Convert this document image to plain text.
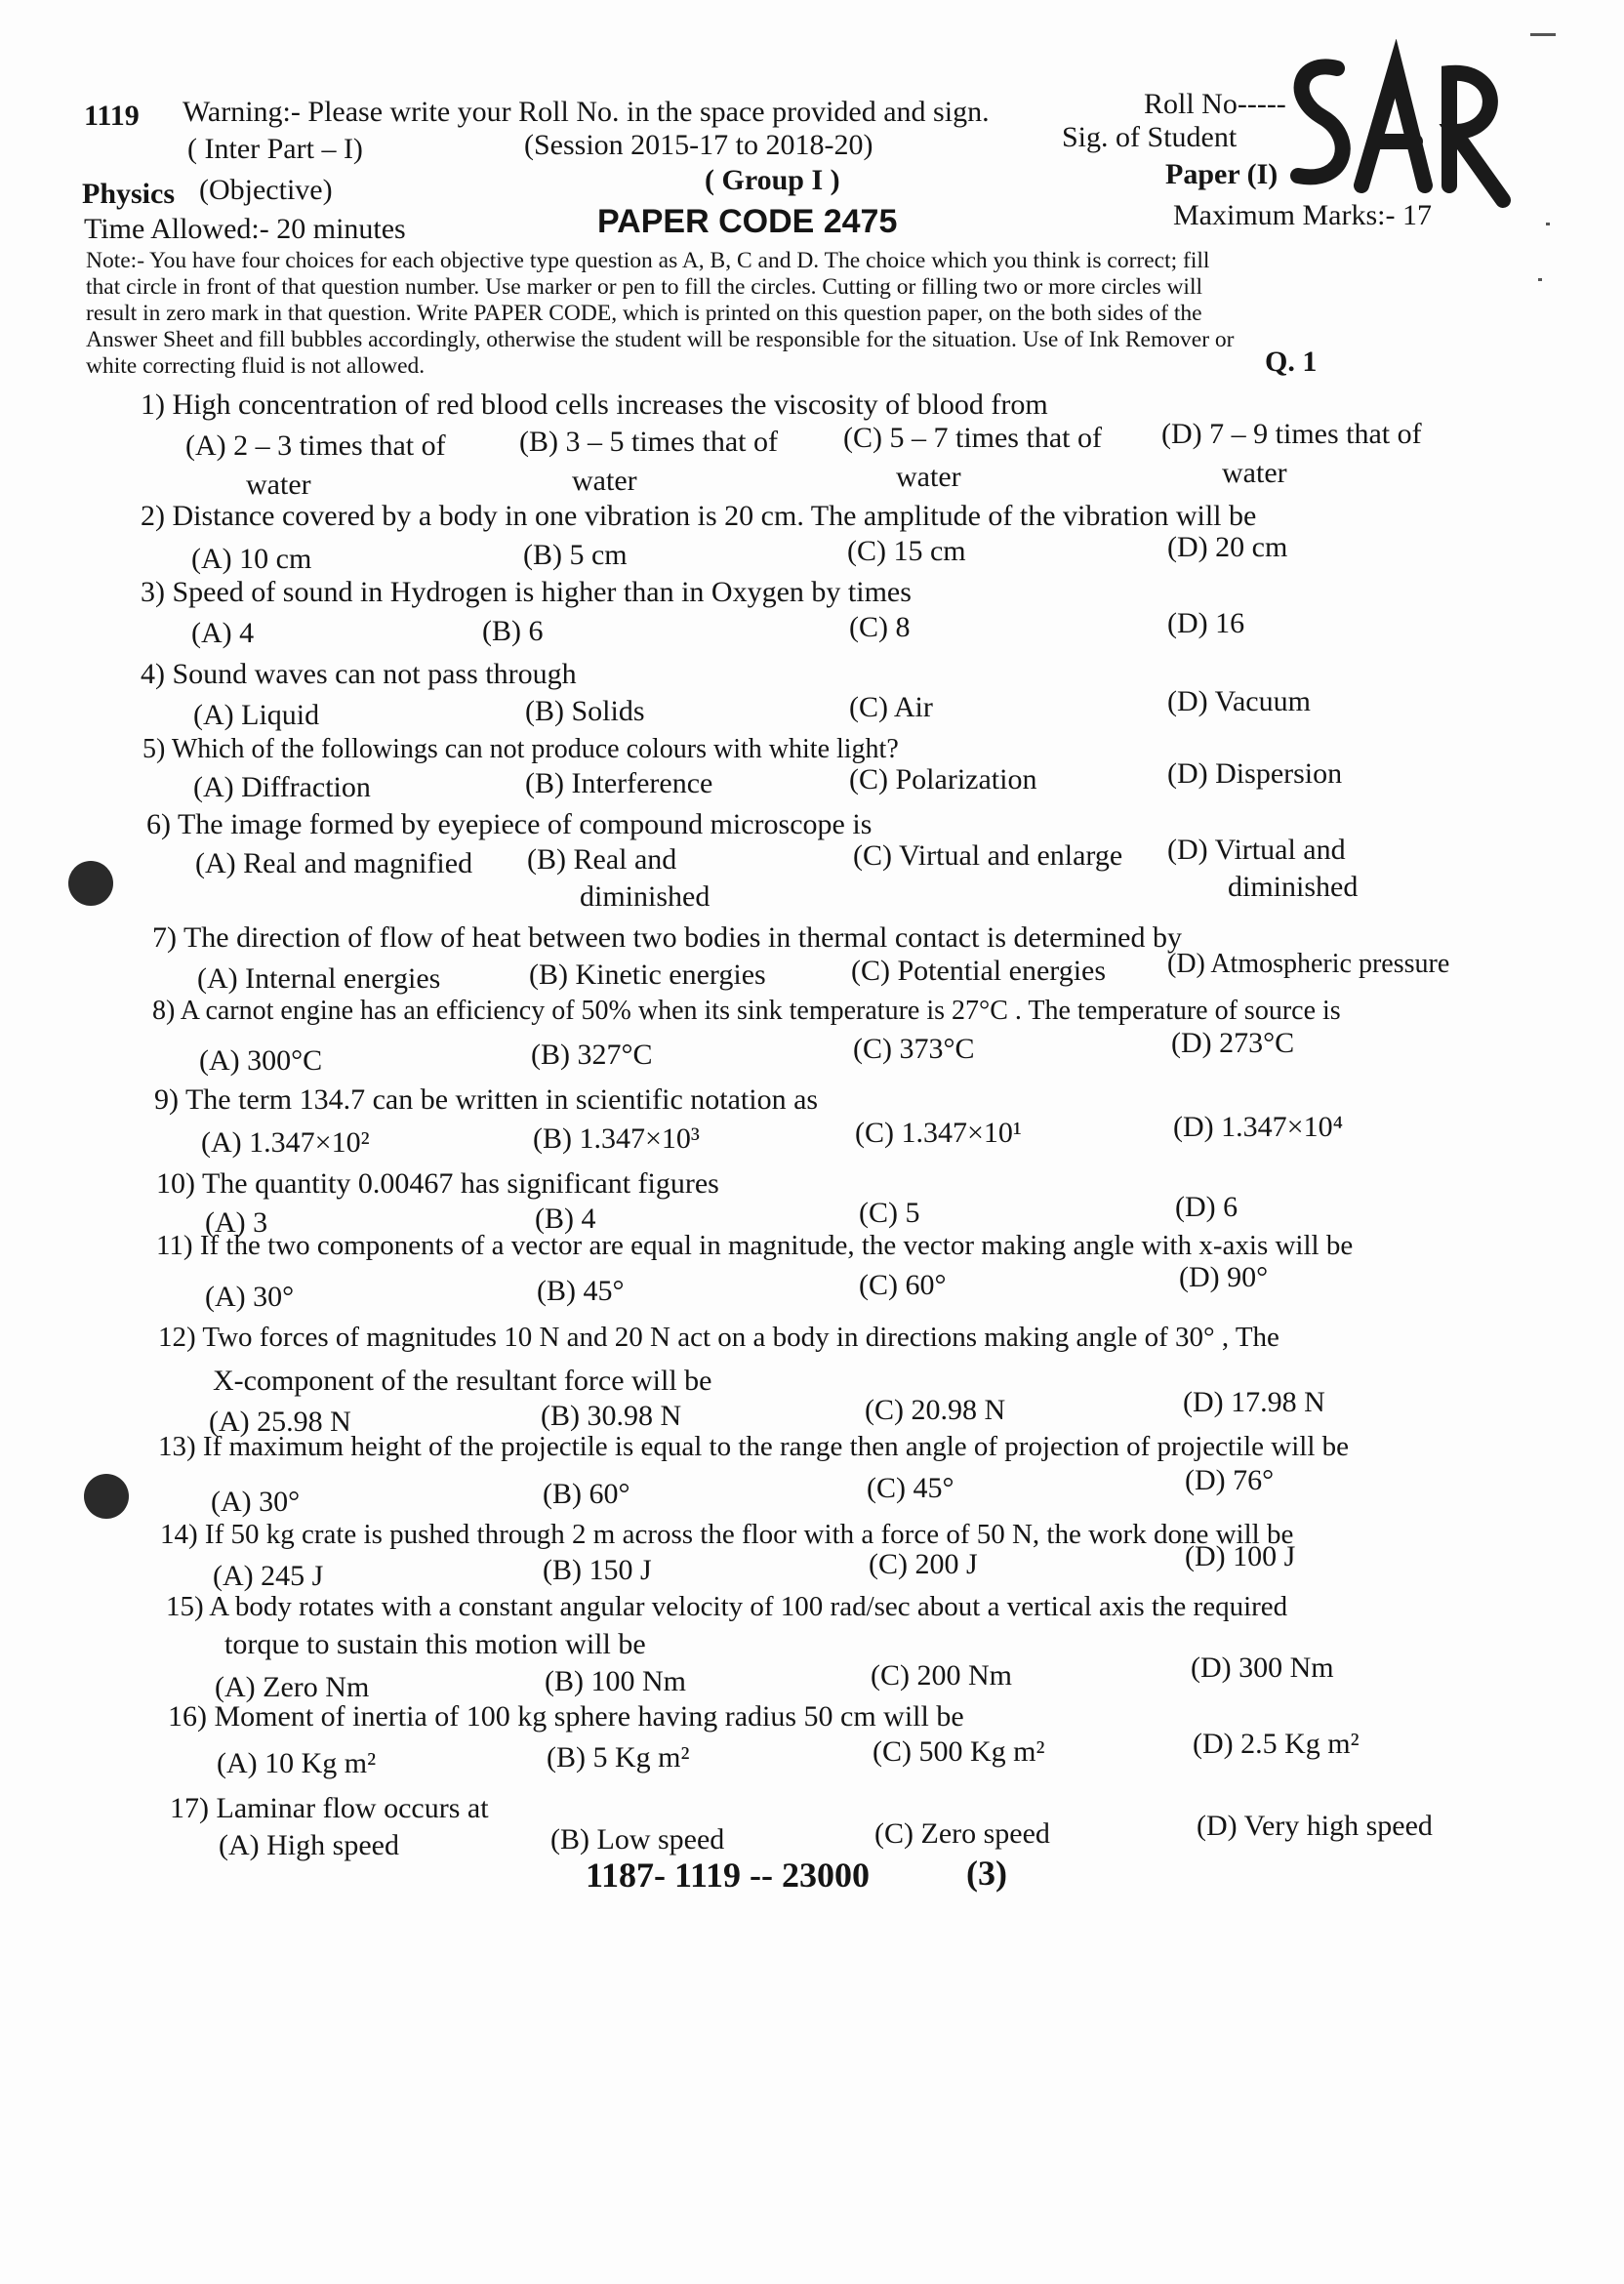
1119 Warning:- Please write your Roll No. in the space provided and sign.	Roll No-----
( Inter Part – I)	(Session 2015-17 to 2018-20)	Sig. of Student
Physics (Objective)	( Group I )	Paper (I)
Time Allowed:- 20 minutes	PAPER CODE 2475	Maximum Marks:- 17
Note:- You have four choices for each objective type question as A, B, C and D. The choice which you think is correct; fill
that circle in front of that question number. Use marker or pen to fill the circles. Cutting or filling two or more circles will
result in zero mark in that question. Write PAPER CODE, which is printed on this question paper, on the both sides of the
Answer Sheet and fill bubbles accordingly, otherwise the student will be responsible for the situation. Use of Ink Remover or
white correcting fluid is not allowed.	Q. 1
1) High concentration of red blood cells increases the viscosity of blood from
(A) 2 – 3 times that of	(B) 3 – 5 times that of (C) 5 – 7 times that of (D) 7 – 9 times that of
water	water	water	water
2) Distance covered by a body in one vibration is 20 cm. The amplitude of the vibration will be
(A) 10 cm	(B) 5 cm	(C) 15 cm	(D) 20 cm
3) Speed of sound in Hydrogen is higher than in Oxygen by times
(A) 4	(B) 6	(C) 8	(D) 16
4) Sound waves can not pass through
(A) Liquid	(B) Solids	(C) Air	(D) Vacuum
5) Which of the followings can not produce colours with white light?
(A) Diffraction	(B) Interference	(C) Polarization	(D) Dispersion
6) The image formed by eyepiece of compound microscope is
(A) Real and magnified (B) Real and	(C) Virtual and enlarge (D) Virtual and
diminished	diminished
7) The direction of flow of heat between two bodies in thermal contact is determined by
(A) Internal energies	(B) Kinetic energies	(C) Potential energies (D) Atmospheric pressure
8) A carnot engine has an efficiency of 50% when its sink temperature is 27°C . The temperature of source is
(A) 300°C	(B) 327°C	(C) 373°C	(D) 273°C
9) The term 134.7 can be written in scientific notation as
(A) 1.347×10²	(B) 1.347×10³	(C) 1.347×10¹	(D) 1.347×10⁴
10) The quantity 0.00467 has significant figures
(A) 3	(B) 4	(C) 5	(D) 6
11) If the two components of a vector are equal in magnitude, the vector making angle with x-axis will be
(A) 30°	(B) 45°	(C) 60°	(D) 90°
12) Two forces of magnitudes 10 N and 20 N act on a body in directions making angle of 30° , The
X-component of the resultant force will be
(A) 25.98 N	(B) 30.98 N	(C) 20.98 N	(D) 17.98 N
13) If maximum height of the projectile is equal to the range then angle of projection of projectile will be
(A) 30°	(B) 60°	(C) 45°	(D) 76°
14) If 50 kg crate is pushed through 2 m across the floor with a force of 50 N, the work done will be
(A) 245 J	(B) 150 J	(C) 200 J	(D) 100 J
15) A body rotates with a constant angular velocity of 100 rad/sec about a vertical axis the required
torque to sustain this motion will be
(A) Zero Nm	(B) 100 Nm	(C) 200 Nm	(D) 300 Nm
16) Moment of inertia of 100 kg sphere having radius 50 cm will be
(A) 10 Kg m²	(B) 5 Kg m²	(C) 500 Kg m²	(D) 2.5 Kg m²
17) Laminar flow occurs at
(A) High speed	(B) Low speed	(C) Zero speed	(D) Very high speed
1187- 1119 -- 23000	(3)
